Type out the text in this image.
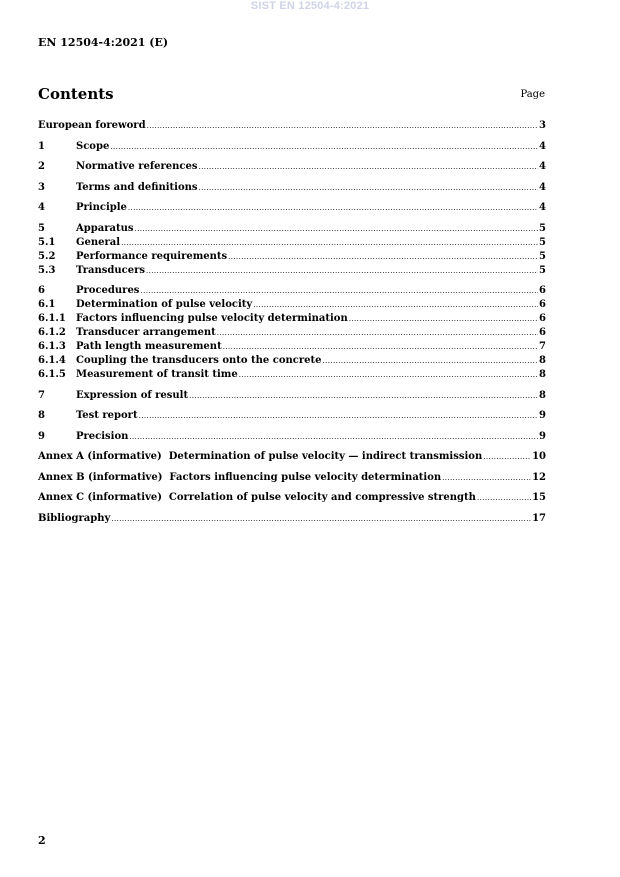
SIST EN 12504-4:2021
EN 12504-4:2021 (E)
Contents	Page
European foreword .....	3
1	Scope .....	4
2	Normative references .....	4
3	Terms and definitions .....	4
4	Principle .....	4
5	Apparatus .....	5
5.1	General .....	5
5.2	Performance requirements .....	5
5.3	Transducers .....	5
6	Procedures .....	6
6.1	Determination of pulse velocity .....	6
6.1.1	Factors influencing pulse velocity determination .....	6
6.1.2	Transducer arrangement .....	6
6.1.3	Path length measurement .....	7
6.1.4	Coupling the transducers onto the concrete .....	8
6.1.5	Measurement of transit time .....	8
7	Expression of result .....	8
8	Test report .....	9
9	Precision .....	9
Annex A (informative)  Determination of pulse velocity — indirect transmission .....	10
Annex B (informative)  Factors influencing pulse velocity determination .....	12
Annex C (informative)  Correlation of pulse velocity and compressive strength .....	15
Bibliography .....	17
2
